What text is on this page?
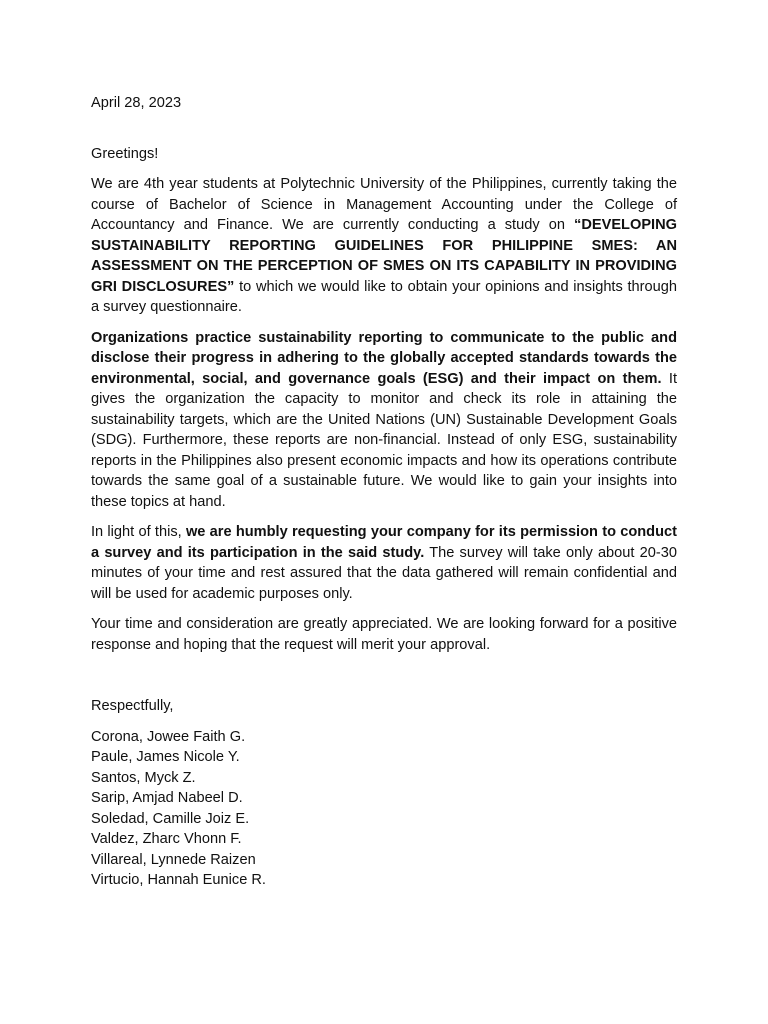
April 28, 2023
Greetings!

We are 4th year students at Polytechnic University of the Philippines, currently taking the course of Bachelor of Science in Management Accounting under the College of Accountancy and Finance. We are currently conducting a study on “DEVELOPING SUSTAINABILITY REPORTING GUIDELINES FOR PHILIPPINE SMES: AN ASSESSMENT ON THE PERCEPTION OF SMES ON ITS CAPABILITY IN PROVIDING GRI DISCLOSURES” to which we would like to obtain your opinions and insights through a survey questionnaire.

Organizations practice sustainability reporting to communicate to the public and disclose their progress in adhering to the globally accepted standards towards the environmental, social, and governance goals (ESG) and their impact on them. It gives the organization the capacity to monitor and check its role in attaining the sustainability targets, which are the United Nations (UN) Sustainable Development Goals (SDG). Furthermore, these reports are non-financial. Instead of only ESG, sustainability reports in the Philippines also present economic impacts and how its operations contribute towards the same goal of a sustainable future. We would like to gain your insights into these topics at hand.

In light of this, we are humbly requesting your company for its permission to conduct a survey and its participation in the said study. The survey will take only about 20-30 minutes of your time and rest assured that the data gathered will remain confidential and will be used for academic purposes only.

Your time and consideration are greatly appreciated. We are looking forward for a positive response and hoping that the request will merit your approval.

Respectfully,
Corona, Jowee Faith G.
Paule, James Nicole Y.
Santos, Myck Z.
Sarip, Amjad Nabeel D.
Soledad, Camille Joiz E.
Valdez, Zharc Vhonn F.
Villareal, Lynnede Raizen
Virtucio, Hannah Eunice R.
